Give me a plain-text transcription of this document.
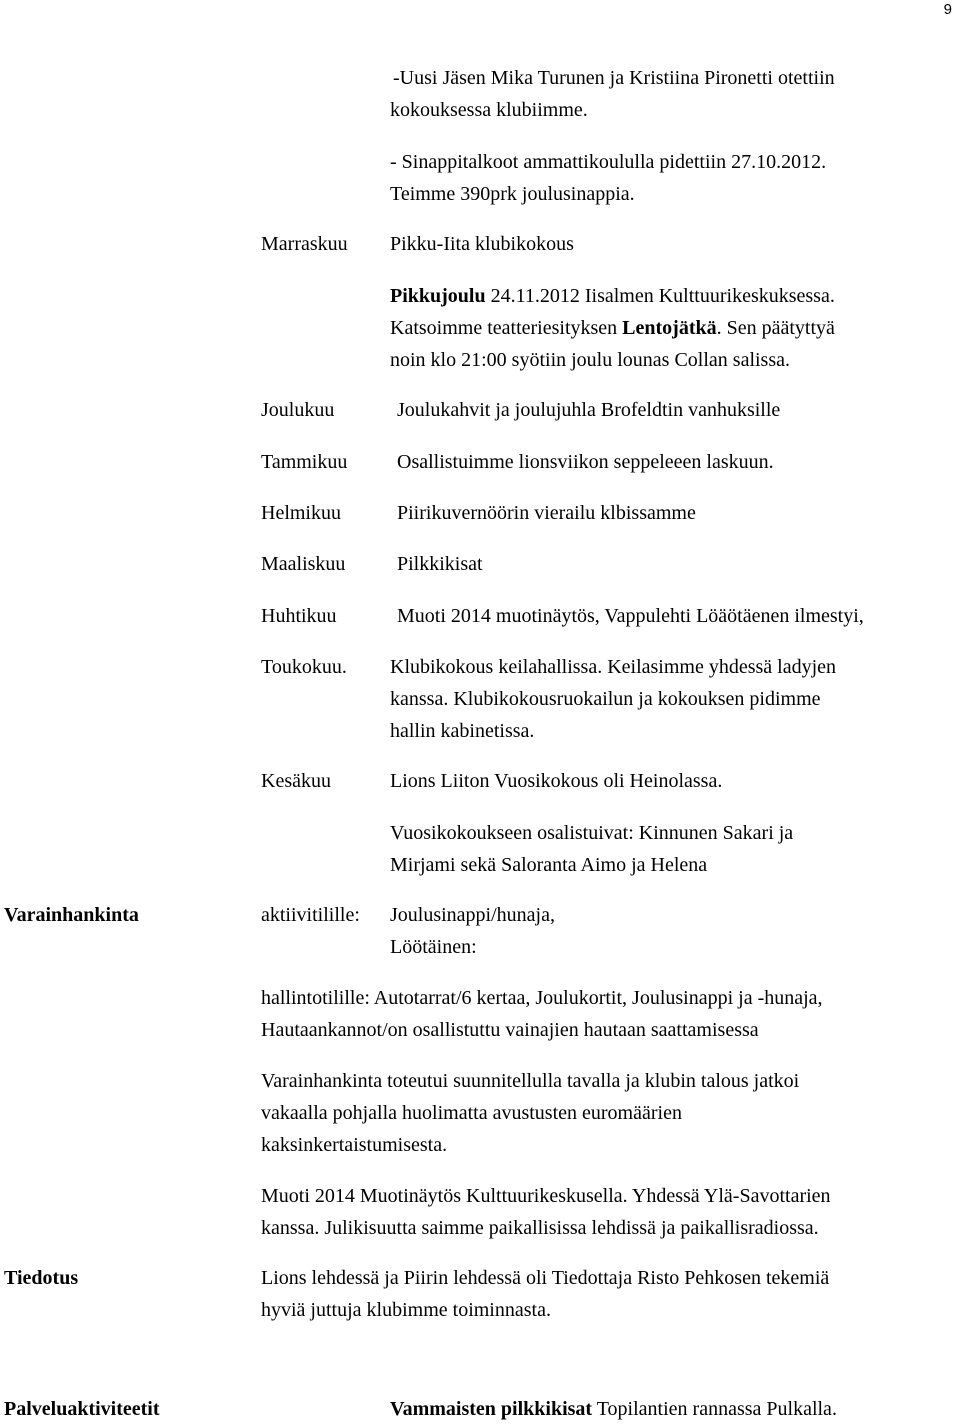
9
-Uusi Jäsen Mika Turunen ja Kristiina Pironetti otettiin
kokouksessa klubiimme.
- Sinappitalkoot ammattikoululla pidettiin 27.10.2012.
Teimme 390prk joulusinappia.
Marraskuu Pikku-Iita klubikokous
Pikkujoulu 24.11.2012 Iisalmen Kulttuurikeskuksessa.
Katsoimme teatteriesityksen Lentojätkä. Sen päätyttyä
noin klo 21:00 syötiin joulu lounas Collan salissa.
Joulukuu	Joulukahvit ja joulujuhla Brofeldtin vanhuksille
Tammikuu Osallistuimme lionsviikon seppeleeen laskuun.
Helmikuu	Piirikuvernöörin vierailu klbissamme
Maaliskuu	Pilkkikisat
Huhtikuu	Muoti 2014 muotinäytös, Vappulehti Löäötäenen ilmestyi,
Toukokuu. Klubikokous keilahallissa. Keilasimme yhdessä ladyjen
kanssa. Klubikokousruokailun ja kokouksen pidimme
hallin kabinetissa.
Kesäkuu	Lions Liiton Vuosikokous oli Heinolassa.
Vuosikokoukseen osalistuivat: Kinnunen Sakari ja
Mirjami sekä Saloranta Aimo ja Helena
Varainhankinta	aktiivitilille: Joulusinappi/hunaja,
Löötäinen:
hallintotilille: Autotarrat/6 kertaa, Joulukortit, Joulusinappi ja -hunaja,
Hautaankannot/on osallistuttu vainajien hautaan saattamisessa
Varainhankinta toteutui suunnitellulla tavalla ja klubin talous jatkoi
vakaalla pohjalla huolimatta avustusten euromäärien
kaksinkertaistumisesta.
Muoti 2014 Muotinäytös Kulttuurikeskusella. Yhdessä Ylä-Savottarien
kanssa. Julikisuutta saimme paikallisissa lehdissä ja paikallisradiossa.
Tiedotus	Lions lehdessä ja Piirin lehdessä oli Tiedottaja Risto Pehkosen tekemiä
hyviä juttuja klubimme toiminnasta.
Palveluaktiviteetit	Vammaisten pilkkikisat Topilantien rannassa Pulkalla.
